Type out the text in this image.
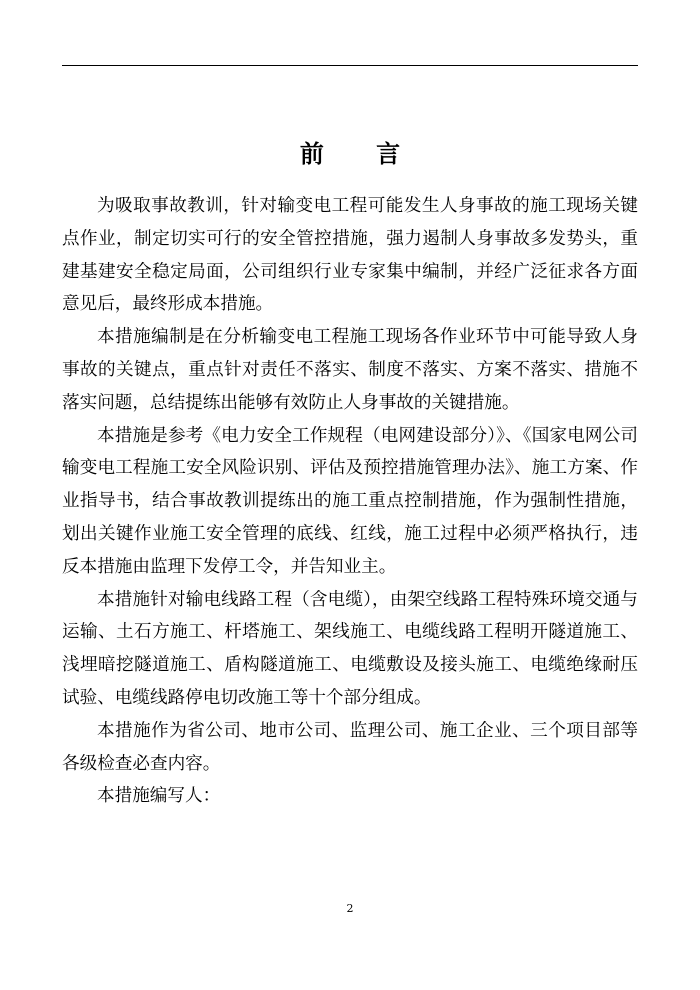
前 言

为吸取事故教训，针对输变电工程可能发生人身事故的施工现场关键点作业，制定切实可行的安全管控措施，强力遏制人身事故多发势头，重建基建安全稳定局面，公司组织行业专家集中编制，并经广泛征求各方面意见后，最终形成本措施。

本措施编制是在分析输变电工程施工现场各作业环节中可能导致人身事故的关键点，重点针对责任不落实、制度不落实、方案不落实、措施不落实问题，总结提练出能够有效防止人身事故的关键措施。

本措施是参考《电力安全工作规程（电网建设部分）》、《国家电网公司输变电工程施工安全风险识别、评估及预控措施管理办法》、施工方案、作业指导书，结合事故教训提练出的施工重点控制措施，作为强制性措施，划出关键作业施工安全管理的底线、红线，施工过程中必须严格执行，违反本措施由监理下发停工令，并告知业主。

本措施针对输电线路工程（含电缆），由架空线路工程特殊环境交通与运输、土石方施工、杆塔施工、架线施工、电缆线路工程明开隧道施工、浅埋暗挖隧道施工、盾构隧道施工、电缆敷设及接头施工、电缆绝缘耐压试验、电缆线路停电切改施工等十个部分组成。

本措施作为省公司、地市公司、监理公司、施工企业、三个项目部等各级检查必查内容。

本措施编写人：

2
